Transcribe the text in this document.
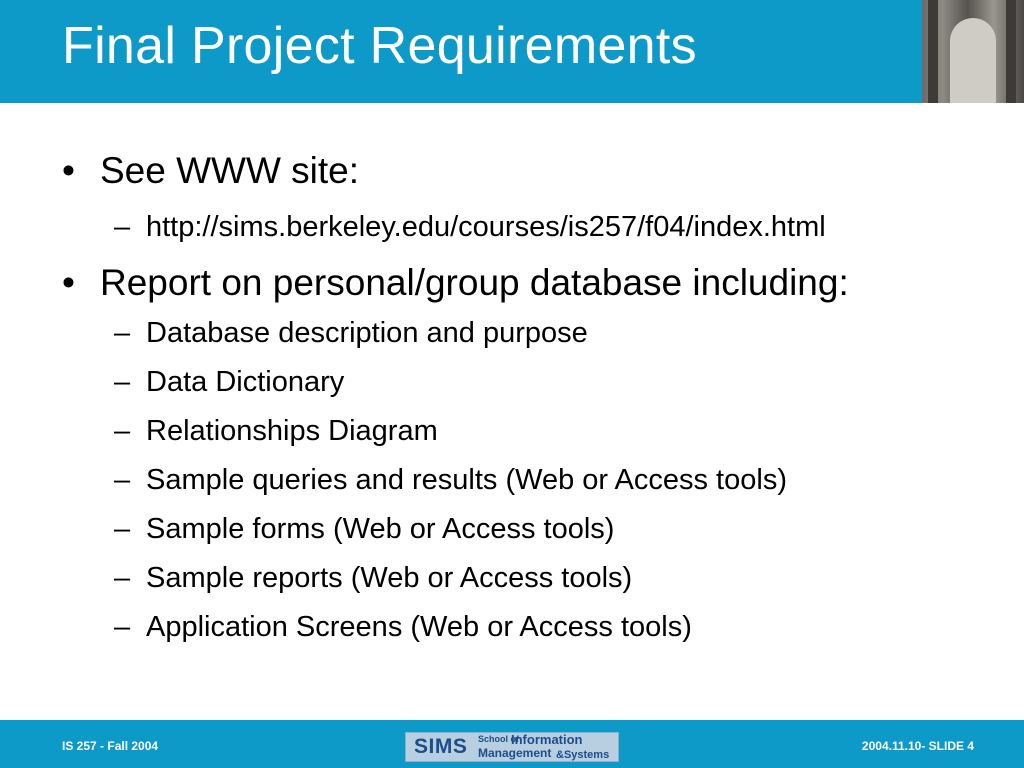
Final Project Requirements
• See WWW site:
– http://sims.berkeley.edu/courses/is257/f04/index.html
• Report on personal/group database including:
– Database description and purpose
– Data Dictionary
– Relationships Diagram
– Sample queries and results (Web or Access tools)
– Sample forms (Web or Access tools)
– Sample reports (Web or Access tools)
– Application Screens (Web or Access tools)
IS 257 - Fall 2004	SIMS School of
Information
Management &Systems
2004.11.10- SLIDE 4
